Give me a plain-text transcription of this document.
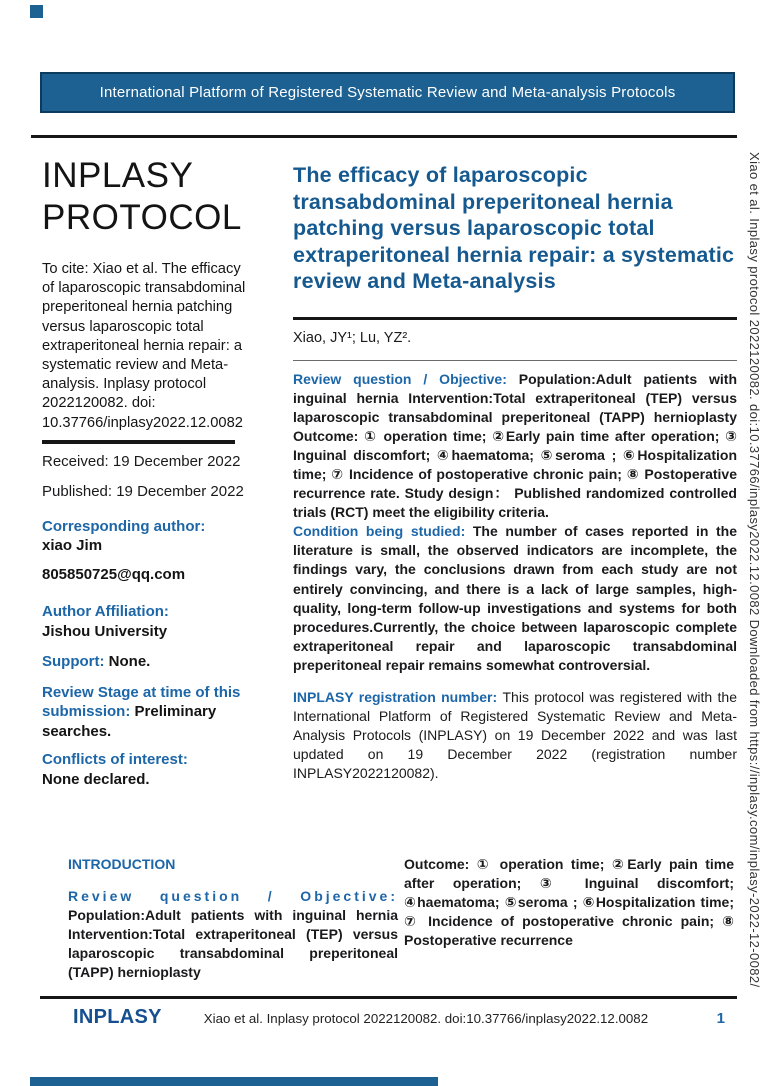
International Platform of Registered Systematic Review and Meta-analysis Protocols
INPLASY
PROTOCOL

To cite: Xiao et al. The efficacy of laparoscopic transabdominal preperitoneal hernia patching versus laparoscopic total extraperitoneal hernia repair: a systematic review and Meta-analysis. Inplasy protocol 2022120082. doi: 10.37766/inplasy2022.12.0082

Received: 19 December 2022

Published: 19 December 2022

Corresponding author:
xiao Jim

805850725@qq.com

Author Affiliation:
Jishou University

Support: None.

Review Stage at time of this submission: Preliminary searches.

Conflicts of interest:
None declared.

The efficacy of laparoscopic transabdominal preperitoneal hernia patching versus laparoscopic total extraperitoneal hernia repair: a systematic review and Meta-analysis

Xiao, JY¹; Lu, YZ².

Review question / Objective: Population:Adult patients with inguinal hernia Intervention:Total extraperitoneal (TEP) versus laparoscopic transabdominal preperitoneal (TAPP) hernioplasty Outcome: ① operation time; ②Early pain time after operation; ③ Inguinal discomfort; ④haematoma; ⑤seroma ; ⑥Hospitalization time; ⑦ Incidence of postoperative chronic pain; ⑧ Postoperative recurrence rate. Study design： Published randomized controlled trials (RCT) meet the eligibility criteria.

Condition being studied: The number of cases reported in the literature is small, the observed indicators are incomplete, the findings vary, the conclusions drawn from each study are not entirely convincing, and there is a lack of large samples, high-quality, long-term follow-up investigations and systems for both procedures.Currently, the choice between laparoscopic complete extraperitoneal repair and laparoscopic transabdominal preperitoneal repair remains somewhat controversial.

INPLASY registration number: This protocol was registered with the International Platform of Registered Systematic Review and Meta-Analysis Protocols (INPLASY) on 19 December 2022 and was last updated on 19 December 2022 (registration number INPLASY2022120082).

INTRODUCTION

Review question / Objective: Population:Adult patients with inguinal hernia Intervention:Total extraperitoneal (TEP) versus laparoscopic transabdominal preperitoneal (TAPP) hernioplasty

Outcome: ① operation time; ②Early pain time after operation; ③ Inguinal discomfort; ④haematoma; ⑤seroma ; ⑥Hospitalization time; ⑦ Incidence of postoperative chronic pain; ⑧ Postoperative recurrence

INPLASY	Xiao et al. Inplasy protocol 2022120082. doi:10.37766/inplasy2022.12.0082	1
Xiao et al. Inplasy protocol 2022120082. doi:10.37766/inplasy2022.12.0082 Downloaded from https://inplasy.com/inplasy-2022-12-0082/
